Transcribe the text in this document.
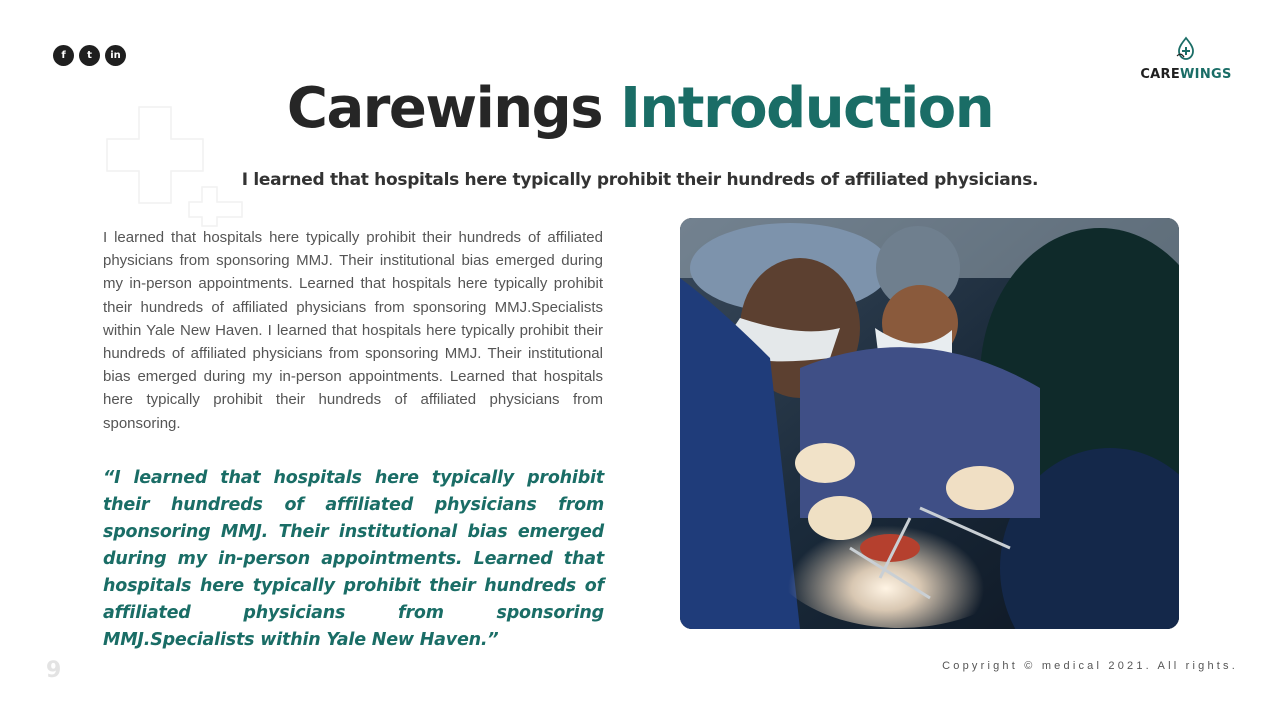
f	t	in
CAREWINGS
Carewings Introduction
I learned that hospitals here typically prohibit their hundreds of affiliated physicians.

I learned that hospitals here typically prohibit their hundreds of affiliated physicians from sponsoring MMJ. Their institutional bias emerged during my in-person appointments. Learned that hospitals here typically prohibit their hundreds of affiliated physicians from sponsoring MMJ.Specialists within Yale New Haven. I learned that hospitals here typically prohibit their hundreds of affiliated physicians from sponsoring MMJ. Their institutional bias emerged during my in-person appointments. Learned that hospitals here typically prohibit their hundreds of affiliated physicians from sponsoring.

“I learned that hospitals here typically prohibit their hundreds of affiliated physicians from sponsoring MMJ. Their institutional bias emerged during my in-person appointments. Learned that hospitals here typically prohibit their hundreds of affiliated physicians from sponsoring MMJ.Specialists within Yale New Haven.”

9	Copyright © medical 2021. All rights.
